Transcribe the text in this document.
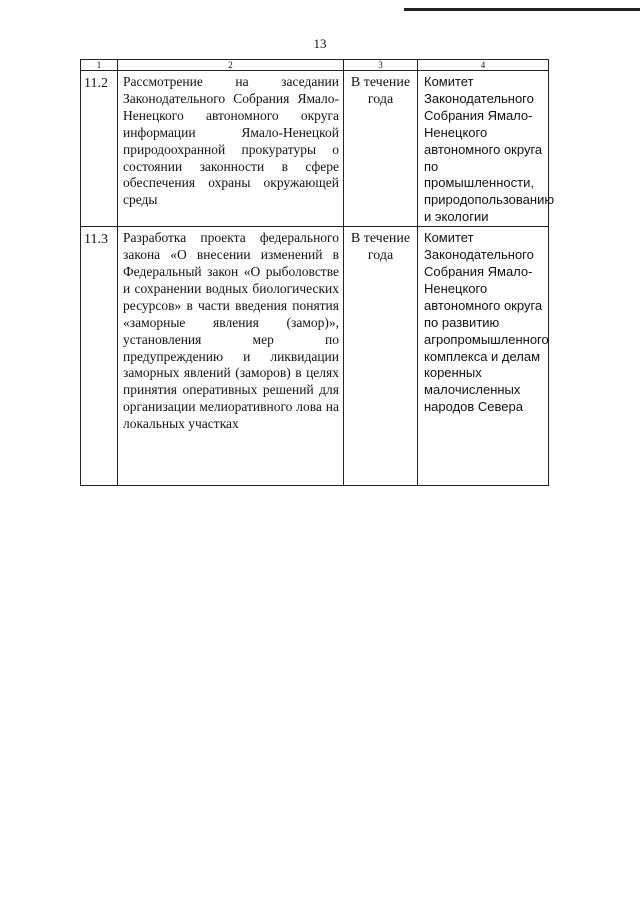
13
1	2	3	4
11.2	Рассмотрение на заседании Законодательного Собрания Ямало-Ненецкого автономного округа информации Ямало-Ненецкой природоохранной прокуратуры о состоянии законности в сфере обеспечения охраны окружающей среды	В течение года	Комитет Законодательного Собрания Ямало-Ненецкого автономного округа по промышленности, природопользованию и экологии
11.3	Разработка проекта федерального закона «О внесении изменений в Федеральный закон «О рыболовстве и сохранении водных биологических ресурсов» в части введения понятия «заморные явления (замор)», установления мер по предупреждению и ликвидации заморных явлений (заморов) в целях принятия оперативных решений для организации мелиоративного лова на локальных участках	В течение года	Комитет Законодательного Собрания Ямало-Ненецкого автономного округа по развитию агропромышленного комплекса и делам коренных малочисленных народов Севера
